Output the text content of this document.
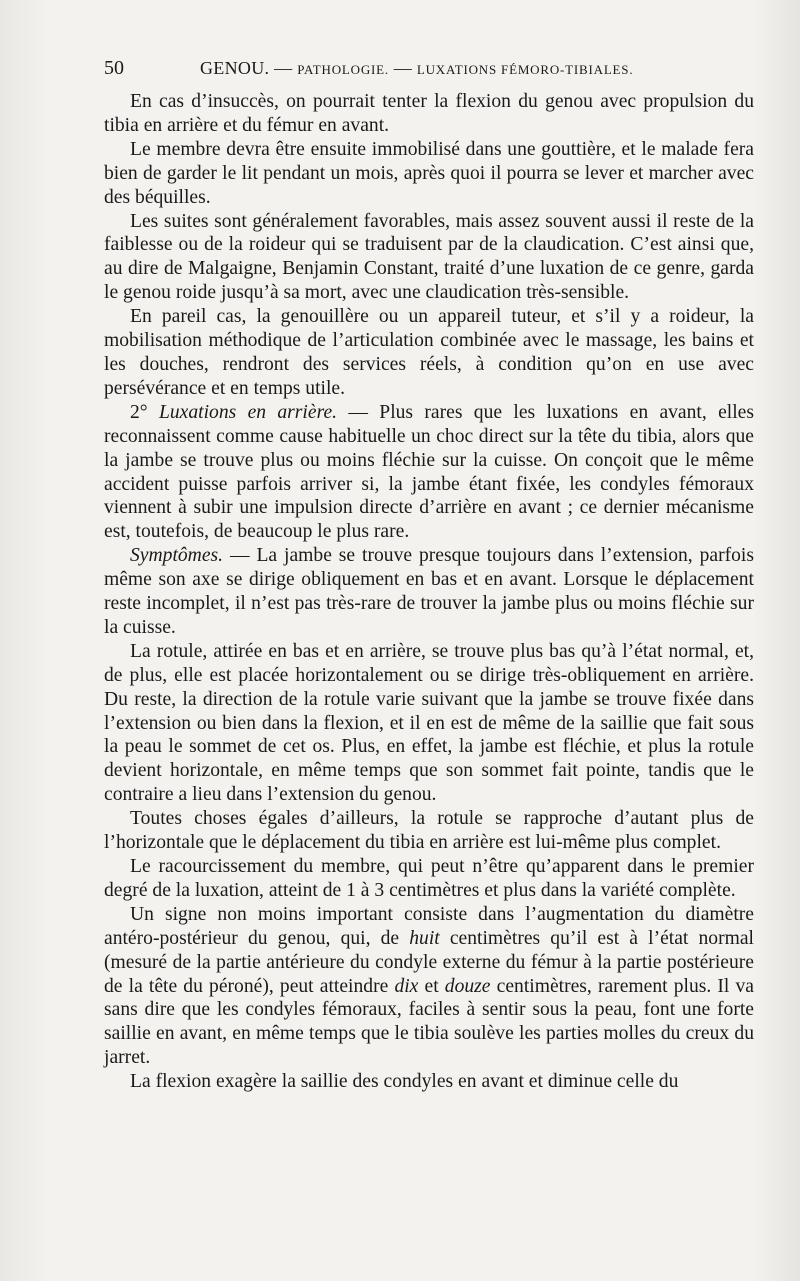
50	GENOU. — PATHOLOGIE. — LUXATIONS FÉMORO-TIBIALES.

En cas d’insuccès, on pourrait tenter la flexion du genou avec propulsion du tibia en arrière et du fémur en avant.

Le membre devra être ensuite immobilisé dans une gouttière, et le malade fera bien de garder le lit pendant un mois, après quoi il pourra se lever et marcher avec des béquilles.

Les suites sont généralement favorables, mais assez souvent aussi il reste de la faiblesse ou de la roideur qui se traduisent par de la claudication. C’est ainsi que, au dire de Malgaigne, Benjamin Constant, traité d’une luxation de ce genre, garda le genou roide jusqu’à sa mort, avec une claudication très-sensible.

En pareil cas, la genouillère ou un appareil tuteur, et s’il y a roideur, la mobilisation méthodique de l’articulation combinée avec le massage, les bains et les douches, rendront des services réels, à condition qu’on en use avec persévérance et en temps utile.

2° Luxations en arrière. — Plus rares que les luxations en avant, elles reconnaissent comme cause habituelle un choc direct sur la tête du tibia, alors que la jambe se trouve plus ou moins fléchie sur la cuisse. On conçoit que le même accident puisse parfois arriver si, la jambe étant fixée, les condyles fémoraux viennent à subir une impulsion directe d’arrière en avant ; ce dernier mécanisme est, toutefois, de beaucoup le plus rare.

Symptômes. — La jambe se trouve presque toujours dans l’extension, parfois même son axe se dirige obliquement en bas et en avant. Lorsque le déplacement reste incomplet, il n’est pas très-rare de trouver la jambe plus ou moins fléchie sur la cuisse.

La rotule, attirée en bas et en arrière, se trouve plus bas qu’à l’état normal, et, de plus, elle est placée horizontalement ou se dirige très-obliquement en arrière. Du reste, la direction de la rotule varie suivant que la jambe se trouve fixée dans l’extension ou bien dans la flexion, et il en est de même de la saillie que fait sous la peau le sommet de cet os. Plus, en effet, la jambe est fléchie, et plus la rotule devient horizontale, en même temps que son sommet fait pointe, tandis que le contraire a lieu dans l’extension du genou.

Toutes choses égales d’ailleurs, la rotule se rapproche d’autant plus de l’horizontale que le déplacement du tibia en arrière est lui-même plus complet.

Le racourcissement du membre, qui peut n’être qu’apparent dans le premier degré de la luxation, atteint de 1 à 3 centimètres et plus dans la variété complète.

Un signe non moins important consiste dans l’augmentation du diamètre antéro-postérieur du genou, qui, de huit centimètres qu’il est à l’état normal (mesuré de la partie antérieure du condyle externe du fémur à la partie postérieure de la tête du péroné), peut atteindre dix et douze centimètres, rarement plus. Il va sans dire que les condyles fémoraux, faciles à sentir sous la peau, font une forte saillie en avant, en même temps que le tibia soulève les parties molles du creux du jarret.

La flexion exagère la saillie des condyles en avant et diminue celle du
